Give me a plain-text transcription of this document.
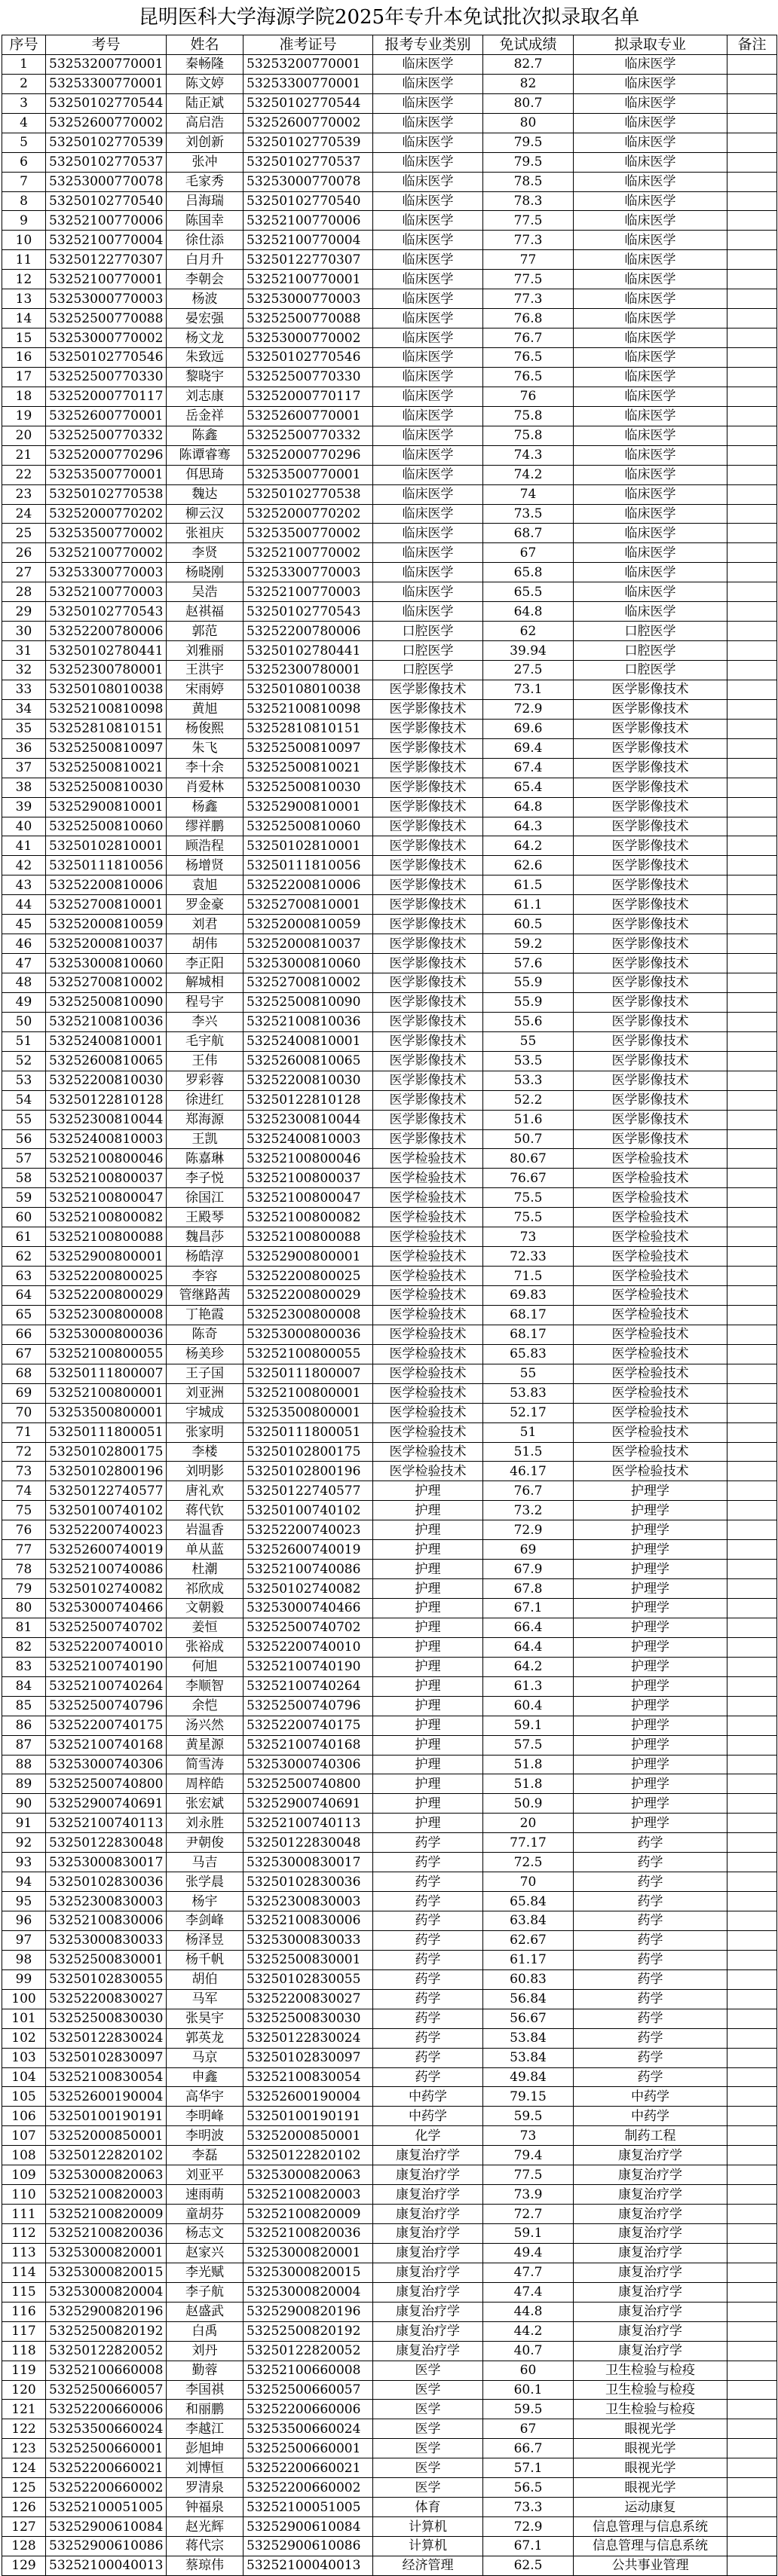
昆明医科大学海源学院2025年专升本免试批次拟录取名单
序号	考号	姓名	准考证号	报考专业类别	免试成绩	拟录取专业	备注
1	53253200770001	秦畅隆	53253200770001	临床医学	82.7	临床医学	
2	53253300770001	陈文婷	53253300770001	临床医学	82	临床医学	
3	53250102770544	陆正斌	53250102770544	临床医学	80.7	临床医学	
4	53252600770002	高启浩	53252600770002	临床医学	80	临床医学	
5	53250102770539	刘创新	53250102770539	临床医学	79.5	临床医学	
6	53250102770537	张冲	53250102770537	临床医学	79.5	临床医学	
7	53253000770078	毛家秀	53253000770078	临床医学	78.5	临床医学	
8	53250102770540	吕海瑞	53250102770540	临床医学	78.3	临床医学	
9	53252100770006	陈国幸	53252100770006	临床医学	77.5	临床医学	
10	53252100770004	徐仕添	53252100770004	临床医学	77.3	临床医学	
11	53250122770307	白月升	53250122770307	临床医学	77	临床医学	
12	53252100770001	李朝会	53252100770001	临床医学	77.5	临床医学	
13	53253000770003	杨波	53253000770003	临床医学	77.3	临床医学	
14	53252500770088	晏宏强	53252500770088	临床医学	76.8	临床医学	
15	53253000770002	杨文龙	53253000770002	临床医学	76.7	临床医学	
16	53250102770546	朱致远	53250102770546	临床医学	76.5	临床医学	
17	53252500770330	黎晓宇	53252500770330	临床医学	76.5	临床医学	
18	53252000770117	刘志康	53252000770117	临床医学	76	临床医学	
19	53252600770001	岳金祥	53252600770001	临床医学	75.8	临床医学	
20	53252500770332	陈鑫	53252500770332	临床医学	75.8	临床医学	
21	53252000770296	陈谭睿骞	53252000770296	临床医学	74.3	临床医学	
22	53253500770001	佴思琦	53253500770001	临床医学	74.2	临床医学	
23	53250102770538	魏达	53250102770538	临床医学	74	临床医学	
24	53252000770202	柳云汉	53252000770202	临床医学	73.5	临床医学	
25	53253500770002	张祖庆	53253500770002	临床医学	68.7	临床医学	
26	53252100770002	李贤	53252100770002	临床医学	67	临床医学	
27	53253300770003	杨晓刚	53253300770003	临床医学	65.8	临床医学	
28	53252100770003	吴浩	53252100770003	临床医学	65.5	临床医学	
29	53250102770543	赵祺福	53250102770543	临床医学	64.8	临床医学	
30	53252200780006	郭范	53252200780006	口腔医学	62	口腔医学	
31	53250102780441	刘雅丽	53250102780441	口腔医学	39.94	口腔医学	
32	53252300780001	王洪宇	53252300780001	口腔医学	27.5	口腔医学	
33	53250108010038	宋雨婷	53250108010038	医学影像技术	73.1	医学影像技术	
34	53252100810098	黄旭	53252100810098	医学影像技术	72.9	医学影像技术	
35	53252810810151	杨俊熙	53252810810151	医学影像技术	69.6	医学影像技术	
36	53252500810097	朱飞	53252500810097	医学影像技术	69.4	医学影像技术	
37	53252500810021	李十余	53252500810021	医学影像技术	67.4	医学影像技术	
38	53252500810030	肖爱林	53252500810030	医学影像技术	65.4	医学影像技术	
39	53252900810001	杨鑫	53252900810001	医学影像技术	64.8	医学影像技术	
40	53252500810060	缪祥鹏	53252500810060	医学影像技术	64.3	医学影像技术	
41	53250102810001	顾浩程	53250102810001	医学影像技术	64.2	医学影像技术	
42	53250111810056	杨增贤	53250111810056	医学影像技术	62.6	医学影像技术	
43	53252200810006	袁旭	53252200810006	医学影像技术	61.5	医学影像技术	
44	53252700810001	罗金豪	53252700810001	医学影像技术	61.1	医学影像技术	
45	53252000810059	刘君	53252000810059	医学影像技术	60.5	医学影像技术	
46	53252000810037	胡伟	53252000810037	医学影像技术	59.2	医学影像技术	
47	53253000810060	李正阳	53253000810060	医学影像技术	57.6	医学影像技术	
48	53252700810002	解城相	53252700810002	医学影像技术	55.9	医学影像技术	
49	53252500810090	程号宇	53252500810090	医学影像技术	55.9	医学影像技术	
50	53252100810036	李兴	53252100810036	医学影像技术	55.6	医学影像技术	
51	53252400810001	毛宇航	53252400810001	医学影像技术	55	医学影像技术	
52	53252600810065	王伟	53252600810065	医学影像技术	53.5	医学影像技术	
53	53252200810030	罗彩蓉	53252200810030	医学影像技术	53.3	医学影像技术	
54	53250122810128	徐进红	53250122810128	医学影像技术	52.2	医学影像技术	
55	53252300810044	郑海源	53252300810044	医学影像技术	51.6	医学影像技术	
56	53252400810003	王凯	53252400810003	医学影像技术	50.7	医学影像技术	
57	53252100800046	陈嘉琳	53252100800046	医学检验技术	80.67	医学检验技术	
58	53252100800037	李子悦	53252100800037	医学检验技术	76.67	医学检验技术	
59	53252100800047	徐国江	53252100800047	医学检验技术	75.5	医学检验技术	
60	53252100800082	王殿琴	53252100800082	医学检验技术	75.5	医学检验技术	
61	53252100800088	魏昌莎	53252100800088	医学检验技术	73	医学检验技术	
62	53252900800001	杨皓淳	53252900800001	医学检验技术	72.33	医学检验技术	
63	53252200800025	李容	53252200800025	医学检验技术	71.5	医学检验技术	
64	53252200800029	管继路茜	53252200800029	医学检验技术	69.83	医学检验技术	
65	53252300800008	丁艳霞	53252300800008	医学检验技术	68.17	医学检验技术	
66	53253000800036	陈奇	53253000800036	医学检验技术	68.17	医学检验技术	
67	53252100800055	杨美珍	53252100800055	医学检验技术	65.83	医学检验技术	
68	53250111800007	王子国	53250111800007	医学检验技术	55	医学检验技术	
69	53252100800001	刘亚洲	53252100800001	医学检验技术	53.83	医学检验技术	
70	53253500800001	宇城成	53253500800001	医学检验技术	52.17	医学检验技术	
71	53250111800051	张家明	53250111800051	医学检验技术	51	医学检验技术	
72	53250102800175	李楼	53250102800175	医学检验技术	51.5	医学检验技术	
73	53250102800196	刘明影	53250102800196	医学检验技术	46.17	医学检验技术	
74	53250122740577	唐礼欢	53250122740577	护理	76.7	护理学	
75	53250100740102	蒋代钦	53250100740102	护理	73.2	护理学	
76	53252200740023	岩温香	53252200740023	护理	72.9	护理学	
77	53252600740019	单从蓝	53252600740019	护理	69	护理学	
78	53252100740086	杜潮	53252100740086	护理	67.9	护理学	
79	53250102740082	祁欣成	53250102740082	护理	67.8	护理学	
80	53253000740466	文朝毅	53253000740466	护理	67.1	护理学	
81	53252500740702	姜恒	53252500740702	护理	66.4	护理学	
82	53252200740010	张裕成	53252200740010	护理	64.4	护理学	
83	53252100740190	何旭	53252100740190	护理	64.2	护理学	
84	53252100740264	李顺智	53252100740264	护理	61.3	护理学	
85	53252500740796	余恺	53252500740796	护理	60.4	护理学	
86	53252200740175	汤兴然	53252200740175	护理	59.1	护理学	
87	53252100740168	黄星源	53252100740168	护理	57.5	护理学	
88	53253000740306	简雪涛	53253000740306	护理	51.8	护理学	
89	53252500740800	周梓皓	53252500740800	护理	51.8	护理学	
90	53252900740691	张宏斌	53252900740691	护理	50.9	护理学	
91	53252100740113	刘永胜	53252100740113	护理	20	护理学	
92	53250122830048	尹朝俊	53250122830048	药学	77.17	药学	
93	53253000830017	马吉	53253000830017	药学	72.5	药学	
94	53250102830036	张学晨	53250102830036	药学	70	药学	
95	53252300830003	杨宇	53252300830003	药学	65.84	药学	
96	53252100830006	李剑峰	53252100830006	药学	63.84	药学	
97	53253000830033	杨泽昱	53253000830033	药学	62.67	药学	
98	53252500830001	杨千帆	53252500830001	药学	61.17	药学	
99	53250102830055	胡伯	53250102830055	药学	60.83	药学	
100	53252200830027	马军	53252200830027	药学	56.84	药学	
101	53252500830030	张昊宇	53252500830030	药学	56.67	药学	
102	53250122830024	郭英龙	53250122830024	药学	53.84	药学	
103	53250102830097	马京	53250102830097	药学	53.84	药学	
104	53252100830054	申鑫	53252100830054	药学	49.84	药学	
105	53252600190004	高华宇	53252600190004	中药学	79.15	中药学	
106	53250100190191	李明峰	53250100190191	中药学	59.5	中药学	
107	53252000850001	李明波	53252000850001	化学	73	制药工程	
108	53250122820102	李磊	53250122820102	康复治疗学	79.4	康复治疗学	
109	53253000820063	刘亚平	53253000820063	康复治疗学	77.5	康复治疗学	
110	53252100820003	速雨萌	53252100820003	康复治疗学	73.9	康复治疗学	
111	53252100820009	童胡芬	53252100820009	康复治疗学	72.7	康复治疗学	
112	53252100820036	杨志文	53252100820036	康复治疗学	59.1	康复治疗学	
113	53253000820001	赵家兴	53253000820001	康复治疗学	49.4	康复治疗学	
114	53253000820015	李光赋	53253000820015	康复治疗学	47.7	康复治疗学	
115	53253000820004	李子航	53253000820004	康复治疗学	47.4	康复治疗学	
116	53252900820196	赵盛武	53252900820196	康复治疗学	44.8	康复治疗学	
117	53252500820192	白禹	53252500820192	康复治疗学	44.2	康复治疗学	
118	53250122820052	刘丹	53250122820052	康复治疗学	40.7	康复治疗学	
119	53252100660008	勤蓉	53252100660008	医学	60	卫生检验与检疫	
120	53252500660057	李国祺	53252500660057	医学	60.1	卫生检验与检疫	
121	53252200660006	和丽鹏	53252200660006	医学	59.5	卫生检验与检疫	
122	53253500660024	李越江	53253500660024	医学	67	眼视光学	
123	53252500660001	彭旭坤	53252500660001	医学	66.7	眼视光学	
124	53252200660021	刘博恒	53252200660021	医学	57.1	眼视光学	
125	53252200660002	罗清泉	53252200660002	医学	56.5	眼视光学	
126	53252100051005	钟福泉	53252100051005	体育	73.3	运动康复	
127	53252900610084	赵光辉	53252900610084	计算机	72.9	信息管理与信息系统	
128	53252900610086	蒋代宗	53252900610086	计算机	67.1	信息管理与信息系统	
129	53252100040013	蔡琼伟	53252100040013	经济管理	62.5	公共事业管理	
